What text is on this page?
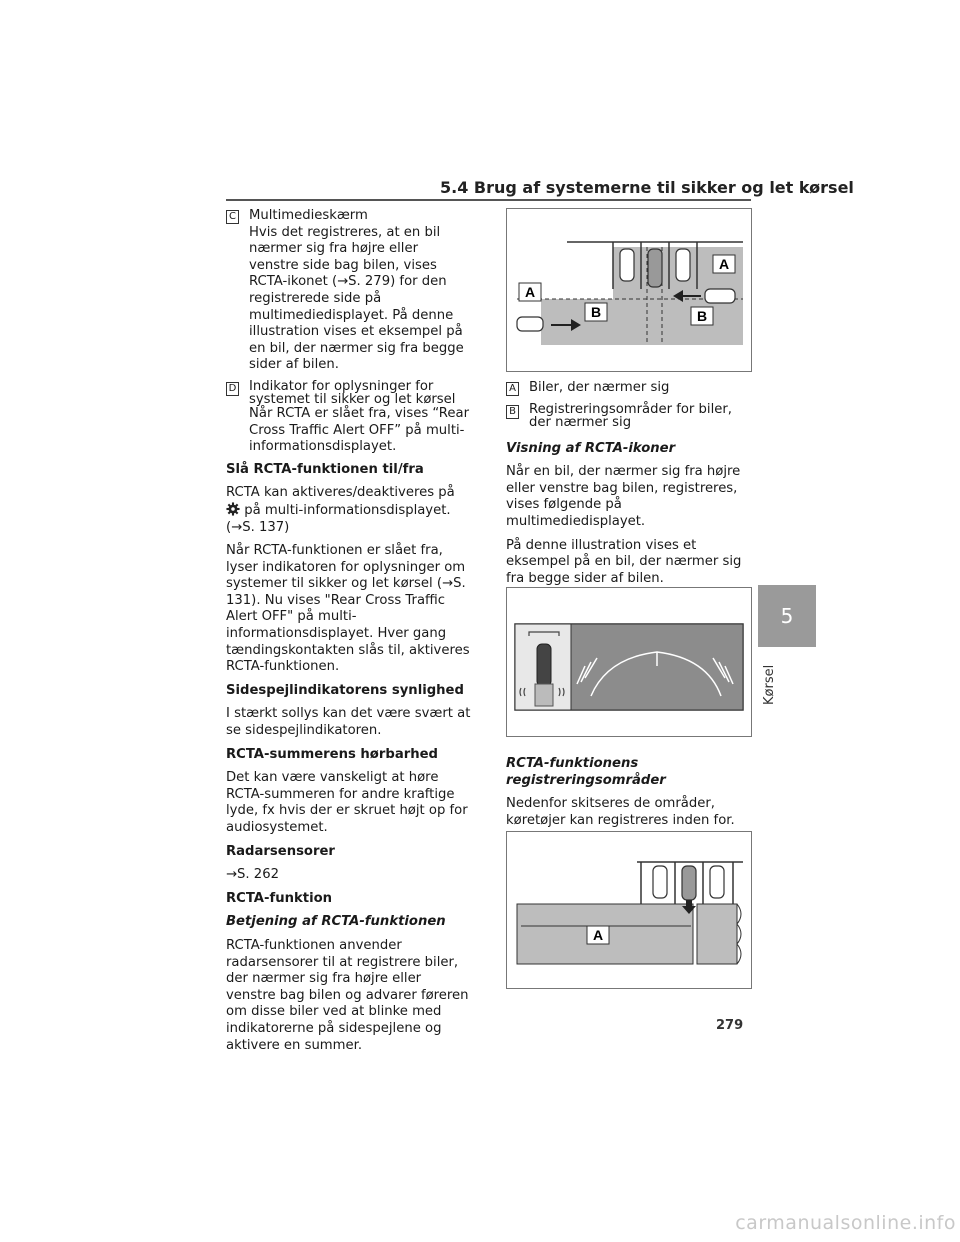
5.4 Brug af systemerne til sikker og let kørsel
C Multimedieskærm
Hvis det registreres, at en bil nærmer sig fra højre eller venstre side bag bilen, vises RCTA-ikonet (→S. 279) for den registrerede side på multimediedisplayet. På denne illustration vises et eksempel på en bil, der nærmer sig fra begge sider af bilen.
D Indikator for oplysninger for systemet til sikker og let kørsel
Når RCTA er slået fra, vises “Rear Cross Traffic Alert OFF” på multi-informationsdisplayet.
Slå RCTA-funktionen til/fra

RCTA kan aktiveres/deaktiveres på  på multi-informationsdisplayet. (→S. 137)

Når RCTA-funktionen er slået fra, lyser indikatoren for oplysninger om systemer til sikker og let kørsel (→S. 131). Nu vises "Rear Cross Traffic Alert OFF" på multi-informationsdisplayet. Hver gang tændingskontakten slås til, aktiveres RCTA-funktionen.

Sidespejlindikatorens synlighed

I stærkt sollys kan det være svært at se sidespejlindikatoren.

RCTA-summerens hørbarhed

Det kan være vanskeligt at høre RCTA-summeren for andre kraftige lyde, fx hvis der er skruet højt op for audiosystemet.

Radarsensorer

→S. 262

RCTA-funktion
Betjening af RCTA-funktionen

RCTA-funktionen anvender radarsensorer til at registrere biler, der nærmer sig fra højre eller venstre bag bilen og advarer føreren om disse biler ved at blinke med indikatorerne på sidespejlene og aktivere en summer.

A
A
B	B
A Biler, der nærmer sig
B Registreringsområder for biler, der nærmer sig
Visning af RCTA-ikoner

Når en bil, der nærmer sig fra højre eller venstre bag bilen, registreres, vises følgende på multimediedisplayet.

På denne illustration vises et eksempel på en bil, der nærmer sig fra begge sider af bilen.

RCTA-funktionens registreringsområder

Nedenfor skitseres de områder, køretøjer kan registreres inden for.

A
5
Kørsel
279
carmanualsonline.info
